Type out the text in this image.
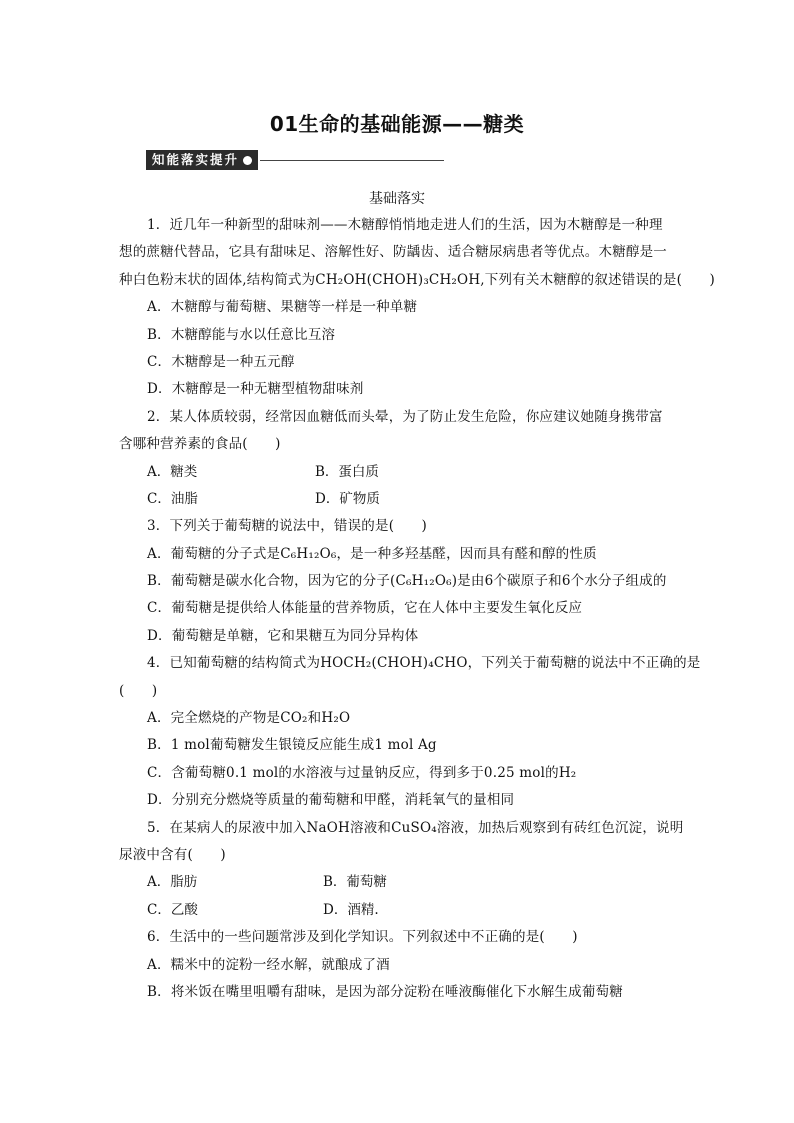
01生命的基础能源——糖类
知能落实提升
基础落实
1．近几年一种新型的甜味剂——木糖醇悄悄地走进人们的生活，因为木糖醇是一种理
想的蔗糖代替品，它具有甜味足、溶解性好、防龋齿、适合糖尿病患者等优点。木糖醇是一
种白色粉末状的固体,结构简式为CH₂OH(CHOH)₃CH₂OH,下列有关木糖醇的叙述错误的是(　　)
A．木糖醇与葡萄糖、果糖等一样是一种单糖
B．木糖醇能与水以任意比互溶
C．木糖醇是一种五元醇
D．木糖醇是一种无糖型植物甜味剂
2．某人体质较弱，经常因血糖低而头晕，为了防止发生危险，你应建议她随身携带富
含哪种营养素的食品(　　)
A．糖类	B．蛋白质
C．油脂	D．矿物质
3．下列关于葡萄糖的说法中，错误的是(　　)
A．葡萄糖的分子式是C₆H₁₂O₆，是一种多羟基醛，因而具有醛和醇的性质
B．葡萄糖是碳水化合物，因为它的分子(C₆H₁₂O₆)是由6个碳原子和6个水分子组成的
C．葡萄糖是提供给人体能量的营养物质，它在人体中主要发生氧化反应
D．葡萄糖是单糖，它和果糖互为同分异构体
4．已知葡萄糖的结构简式为HOCH₂(CHOH)₄CHO，下列关于葡萄糖的说法中不正确的是
(　　)
A．完全燃烧的产物是CO₂和H₂O
B．1 mol葡萄糖发生银镜反应能生成1 mol Ag
C．含葡萄糖0.1 mol的水溶液与过量钠反应，得到多于0.25 mol的H₂
D．分别充分燃烧等质量的葡萄糖和甲醛，消耗氧气的量相同
5．在某病人的尿液中加入NaOH溶液和CuSO₄溶液，加热后观察到有砖红色沉淀，说明
尿液中含有(　　)
A．脂肪	B．葡萄糖
C．乙酸	D．酒精.
6．生活中的一些问题常涉及到化学知识。下列叙述中不正确的是(　　)
A．糯米中的淀粉一经水解，就酿成了酒
B．将米饭在嘴里咀嚼有甜味，是因为部分淀粉在唾液酶催化下水解生成葡萄糖
